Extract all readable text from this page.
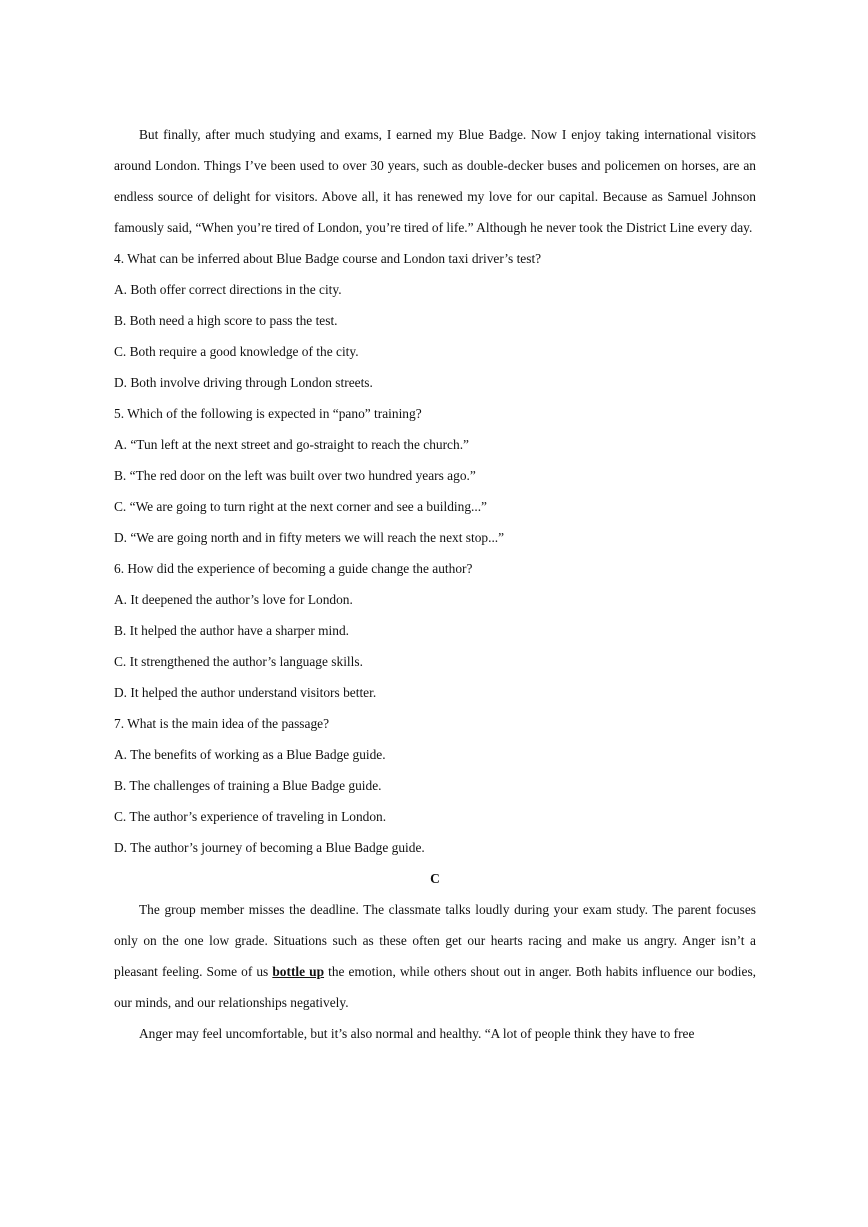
But finally, after much studying and exams, I earned my Blue Badge. Now I enjoy taking international visitors around London. Things I’ve been used to over 30 years, such as double-decker buses and policemen on horses, are an endless source of delight for visitors. Above all, it has renewed my love for our capital. Because as Samuel Johnson famously said, “When you’re tired of London, you’re tired of life.” Although he never took the District Line every day.

4. What can be inferred about Blue Badge course and London taxi driver’s test?

A. Both offer correct directions in the city.

B. Both need a high score to pass the test.

C. Both require a good knowledge of the city.

D. Both involve driving through London streets.

5. Which of the following is expected in “pano” training?

A. “Tun left at the next street and go-straight to reach the church.”

B. “The red door on the left was built over two hundred years ago.”

C. “We are going to turn right at the next corner and see a building...”

D. “We are going north and in fifty meters we will reach the next stop...”

6. How did the experience of becoming a guide change the author?

A. It deepened the author’s love for London.

B. It helped the author have a sharper mind.

C. It strengthened the author’s language skills.

D. It helped the author understand visitors better.

7. What is the main idea of the passage?

A. The benefits of working as a Blue Badge guide.

B. The challenges of training a Blue Badge guide.

C. The author’s experience of traveling in London.

D. The author’s journey of becoming a Blue Badge guide.

C

The group member misses the deadline. The classmate talks loudly during your exam study. The parent focuses only on the one low grade. Situations such as these often get our hearts racing and make us angry. Anger isn’t a pleasant feeling. Some of us bottle up the emotion, while others shout out in anger. Both habits influence our bodies, our minds, and our relationships negatively.

Anger may feel uncomfortable, but it’s also normal and healthy. “A lot of people think they have to free
